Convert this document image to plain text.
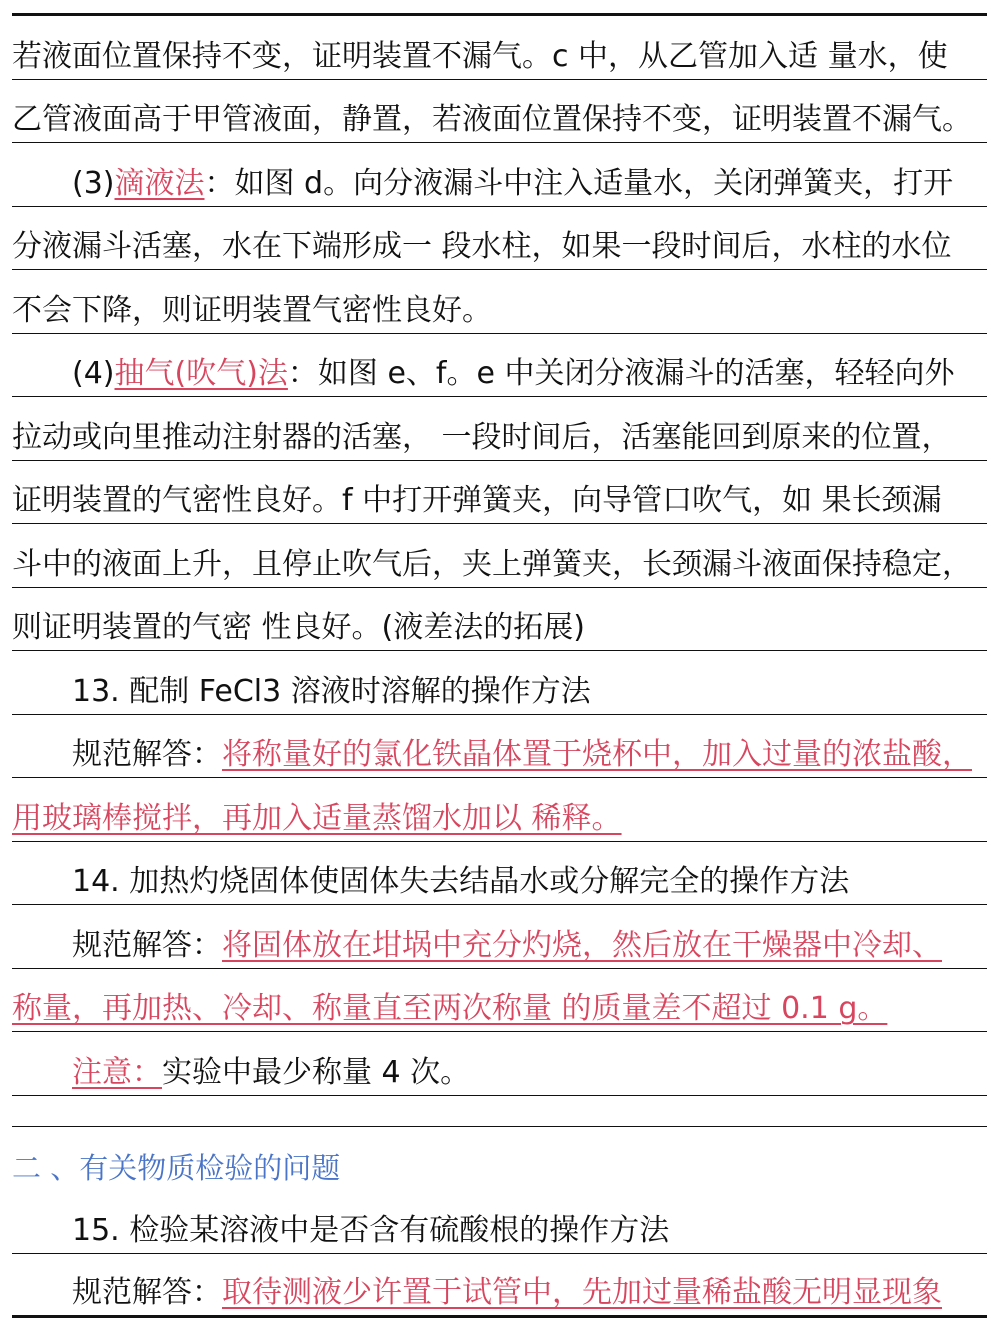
若液面位置保持不变，证明装置不漏气。c 中，从乙管加入适 量水，使
乙管液面高于甲管液面，静置，若液面位置保持不变，证明装置不漏气。
(3)滴液法：如图 d。向分液漏斗中注入适量水，关闭弹簧夹，打开
分液漏斗活塞，水在下端形成一 段水柱，如果一段时间后，水柱的水位
不会下降，则证明装置气密性良好。
(4)抽气(吹气)法：如图 e、f。e 中关闭分液漏斗的活塞，轻轻向外
拉动或向里推动注射器的活塞， 一段时间后，活塞能回到原来的位置，
证明装置的气密性良好。f 中打开弹簧夹，向导管口吹气，如 果长颈漏
斗中的液面上升，且停止吹气后，夹上弹簧夹，长颈漏斗液面保持稳定，
则证明装置的气密 性良好。(液差法的拓展)
13. 配制 FeCl3 溶液时溶解的操作方法
规范解答：将称量好的氯化铁晶体置于烧杯中，加入过量的浓盐酸，
用玻璃棒搅拌，再加入适量蒸馏水加以 稀释。
14. 加热灼烧固体使固体失去结晶水或分解完全的操作方法
规范解答：将固体放在坩埚中充分灼烧，然后放在干燥器中冷却、
称量，再加热、冷却、称量直至两次称量 的质量差不超过 0.1 g。
注意：实验中最少称量 4 次。
二 、有关物质检验的问题
15. 检验某溶液中是否含有硫酸根的操作方法
规范解答：取待测液少许置于试管中，先加过量稀盐酸无明显现象
